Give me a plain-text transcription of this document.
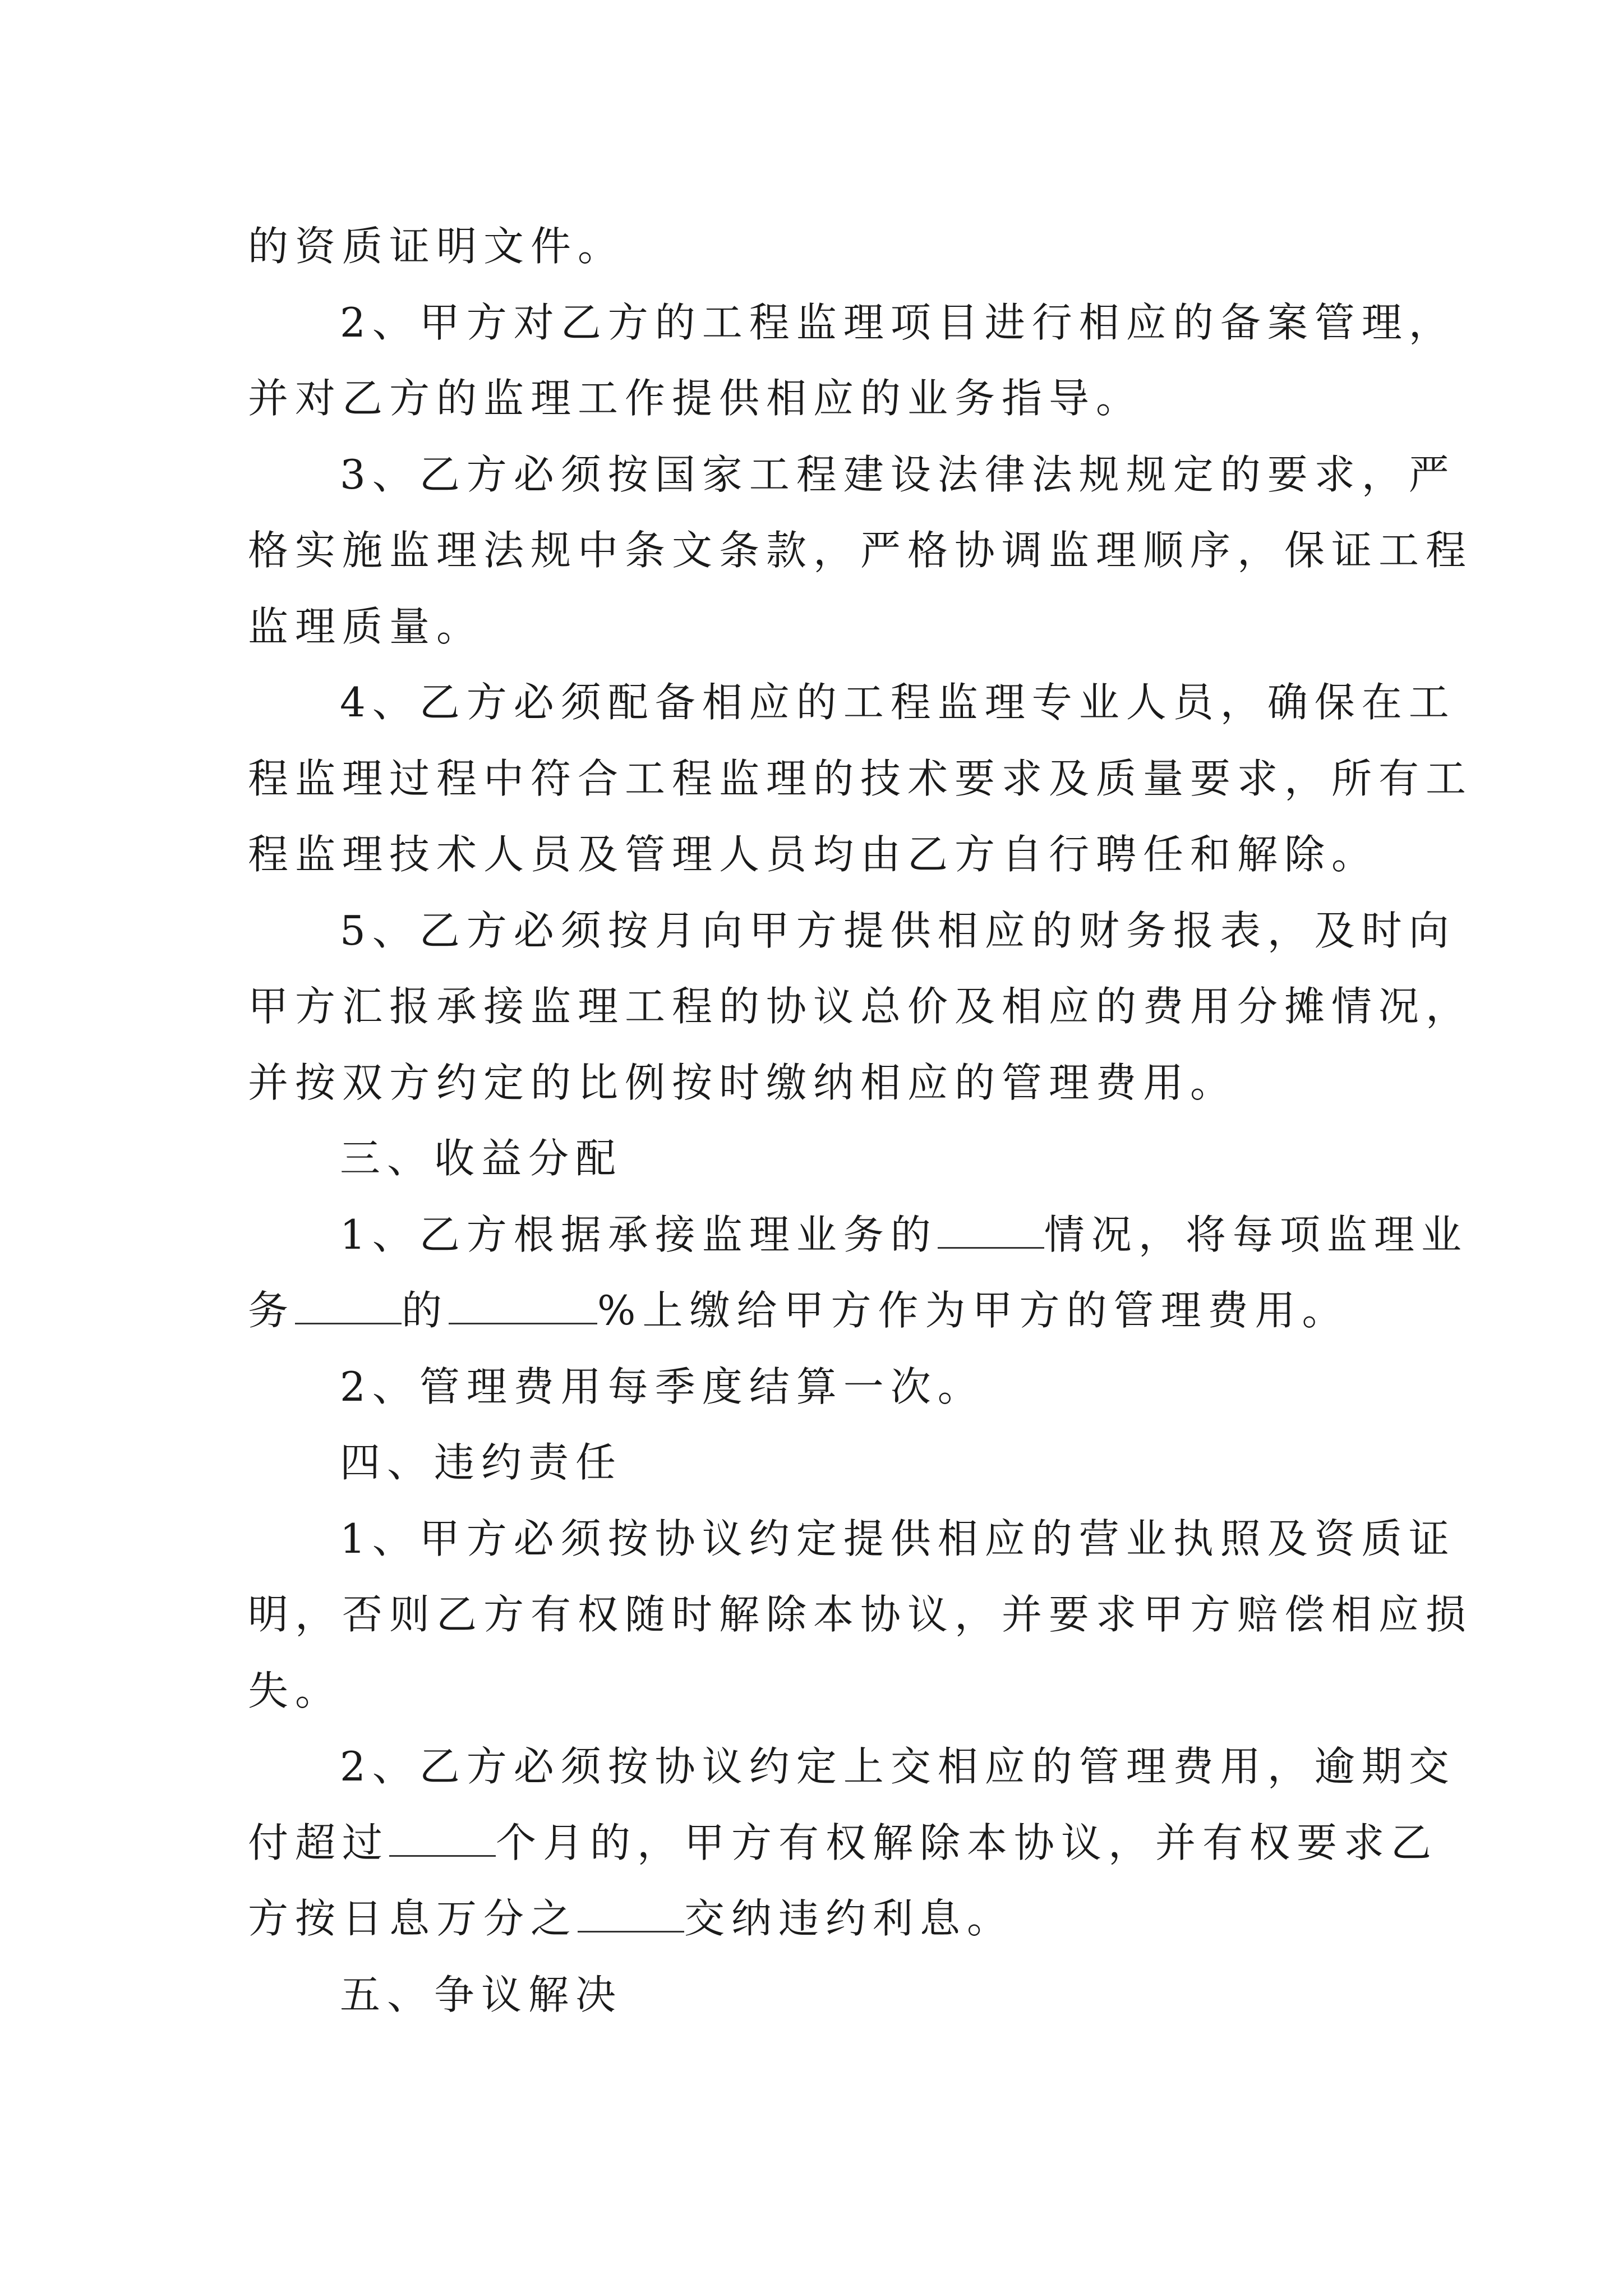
的资质证明文件。
2、甲方对乙方的工程监理项目进行相应的备案管理，
并对乙方的监理工作提供相应的业务指导。
3、乙方必须按国家工程建设法律法规规定的要求，严
格实施监理法规中条文条款，严格协调监理顺序，保证工程
监理质量。
4、乙方必须配备相应的工程监理专业人员，确保在工
程监理过程中符合工程监理的技术要求及质量要求，所有工
程监理技术人员及管理人员均由乙方自行聘任和解除。
5、乙方必须按月向甲方提供相应的财务报表，及时向
甲方汇报承接监理工程的协议总价及相应的费用分摊情况，
并按双方约定的比例按时缴纳相应的管理费用。
三、收益分配
1、乙方根据承接监理业务的	情况，将每项监理业
务	的	%上缴给甲方作为甲方的管理费用。
2、管理费用每季度结算一次。
四、违约责任
1、甲方必须按协议约定提供相应的营业执照及资质证
明，否则乙方有权随时解除本协议，并要求甲方赔偿相应损
失。
2、乙方必须按协议约定上交相应的管理费用，逾期交
付超过	个月的，甲方有权解除本协议，并有权要求乙
方按日息万分之	交纳违约利息。
五、争议解决
